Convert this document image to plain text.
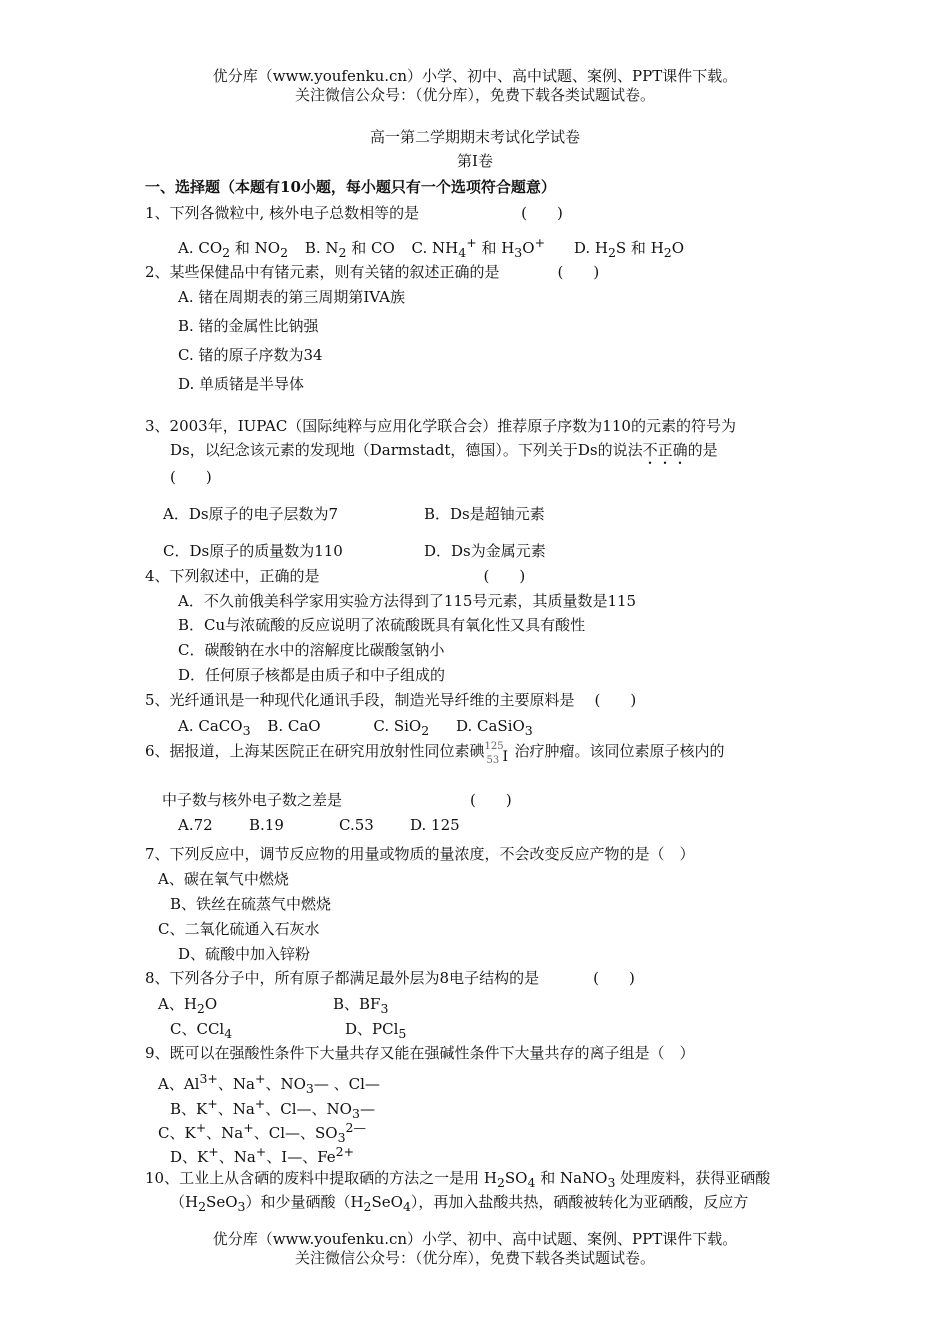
优分库（www.youfenku.cn）小学、初中、高中试题、案例、PPT课件下载。
关注微信公众号：（优分库），免费下载各类试题试卷。
高一第二学期期末考试化学试卷
第I卷
一、选择题（本题有10小题，每小题只有一个选项符合题意）
1、下列各微粒中, 核外电子总数相等的是	(　　)
A. $CO_2$ 和 $NO_2$ B. $N_2$ 和 CO C. $NH_4^+$ 和 $H_3O^+$ D. $H_2S$ 和 $H_2O$
2、某些保健品中有锗元素，则有关锗的叙述正确的是	(　　)
A. 锗在周期表的第三周期第IVA族
B. 锗的金属性比钠强
C. 锗的原子序数为34
D. 单质锗是半导体
3、2003年，IUPAC（国际纯粹与应用化学联合会）推荐原子序数为110的元素的符号为
Ds，以纪念该元素的发现地（Darmstadt，德国）。下列关于Ds的说法不正确的是
(　　)
A．Ds原子的电子层数为7	B．Ds是超铀元素
C．Ds原子的质量数为110	D．Ds为金属元素
4、下列叙述中，正确的是	(　　)
A．不久前俄美科学家用实验方法得到了115号元素，其质量数是115
B．Cu与浓硫酸的反应说明了浓硫酸既具有氧化性又具有酸性
C．碳酸钠在水中的溶解度比碳酸氢钠小
D．任何原子核都是由质子和中子组成的
5、光纤通讯是一种现代化通讯手段，制造光导纤维的主要原料是 (　　)
A. CaCO$_3$ B. CaO	C. SiO$_2$ D. CaSiO$_3$
6、据报道，上海某医院正在研究用放射性同位素碘 125
53 I 治疗肿瘤。该同位素原子核内的
中子数与核外电子数之差是	(　　)
A.72 B.19	C.53 D. 125
7、下列反应中，调节反应物的用量或物质的量浓度，不会改变反应产物的是（　）
A、碳在氧气中燃烧
B、铁丝在硫蒸气中燃烧
C、二氧化硫通入石灰水
D、硫酸中加入锌粉
8、下列各分子中，所有原子都满足最外层为8电子结构的是	(　　)
A、$H_2O$	B、$BF_3$
C、CCl$_4$	D、PCl$_5$
9、既可以在强酸性条件下大量共存又能在强碱性条件下大量共存的离子组是（　）
A、$Al^{3+}$、Na+、$NO_3—$ 、Cl—
B、K+、Na+、Cl—、$NO_3—$
C、K+、Na+、Cl—、$SO_3^{2—}$
D、K+、Na+、I—、$Fe^{2+}$
10、工业上从含硒的废料中提取硒的方法之一是用 $H_2SO_4$ 和 NaNO$_3$ 处理废料，获得亚硒酸
$(H_2SeO_3)$和少量硒酸$(H_2SeO_4)$，再加入盐酸共热，硒酸被转化为亚硒酸，反应方
优分库（www.youfenku.cn）小学、初中、高中试题、案例、PPT课件下载。
关注微信公众号：（优分库），免费下载各类试题试卷。
